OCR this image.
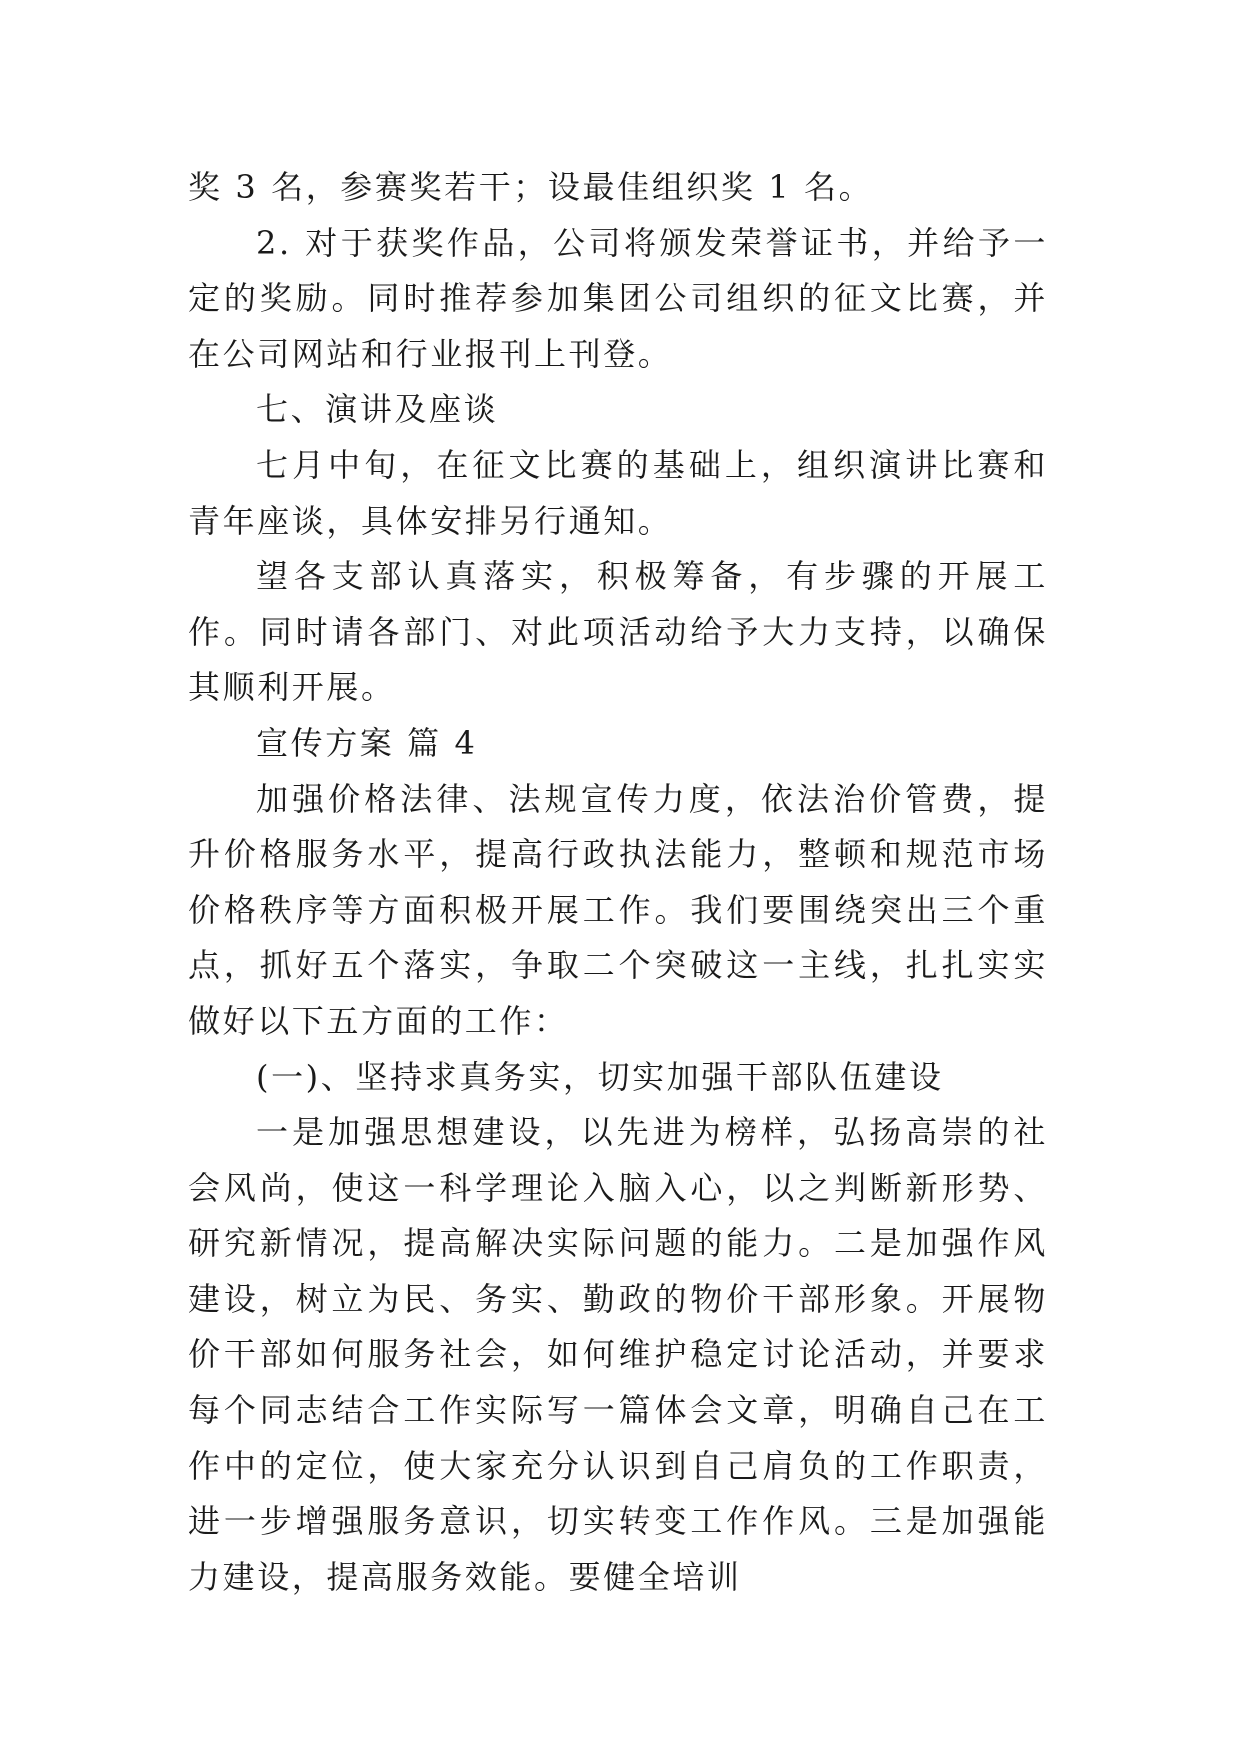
奖 3 名，参赛奖若干；设最佳组织奖 1 名。

2. 对于获奖作品，公司将颁发荣誉证书，并给予一定的奖励。同时推荐参加集团公司组织的征文比赛，并在公司网站和行业报刊上刊登。

七、演讲及座谈

七月中旬，在征文比赛的基础上，组织演讲比赛和青年座谈，具体安排另行通知。

望各支部认真落实，积极筹备，有步骤的开展工作。同时请各部门、对此项活动给予大力支持，以确保其顺利开展。

宣传方案 篇 4

加强价格法律、法规宣传力度，依法治价管费，提升价格服务水平，提高行政执法能力，整顿和规范市场价格秩序等方面积极开展工作。我们要围绕突出三个重点，抓好五个落实，争取二个突破这一主线，扎扎实实做好以下五方面的工作：

(一)、坚持求真务实，切实加强干部队伍建设

一是加强思想建设，以先进为榜样，弘扬高崇的社会风尚，使这一科学理论入脑入心，以之判断新形势、研究新情况，提高解决实际问题的能力。二是加强作风建设，树立为民、务实、勤政的物价干部形象。开展物价干部如何服务社会，如何维护稳定讨论活动，并要求每个同志结合工作实际写一篇体会文章，明确自己在工作中的定位，使大家充分认识到自己肩负的工作职责，进一步增强服务意识，切实转变工作作风。三是加强能力建设，提高服务效能。要健全培训
